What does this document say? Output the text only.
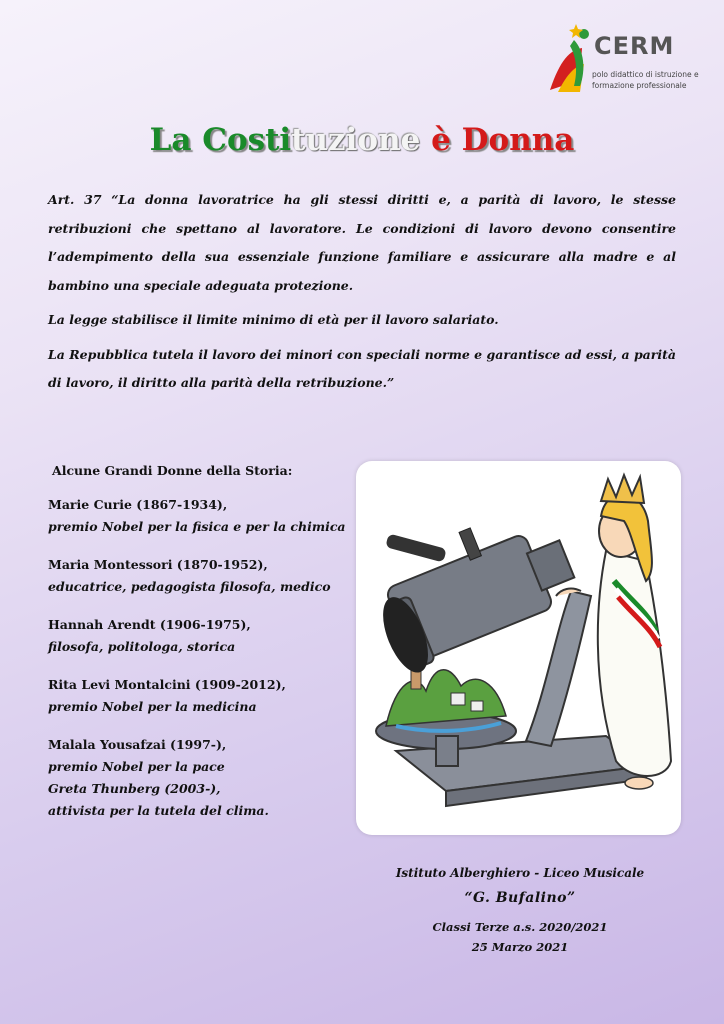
CERM
polo didattico di istruzione e formazione professionale
La Costituzione è Donna

Art. 37 “La donna lavoratrice ha gli stessi diritti e, a parità di lavoro, le stesse retribuzioni che spettano al lavoratore. Le condizioni di lavoro devono consentire l’adempimento della sua essenziale funzione familiare e assicurare alla madre e al bambino una speciale adeguata protezione.

La legge stabilisce il limite minimo di età per il lavoro salariato.

La Repubblica tutela il lavoro dei minori con speciali norme e garantisce ad essi, a parità di lavoro, il diritto alla parità della retribuzione.”

Alcune Grandi Donne della Storia:
Marie Curie (1867-1934),
premio Nobel per la fisica e per la chimica
Maria Montessori (1870-1952),
educatrice, pedagogista filosofa, medico
Hannah Arendt (1906-1975),
filosofa, politologa, storica
Rita Levi Montalcini (1909-2012),
premio Nobel per la medicina
Malala Yousafzai (1997-),
premio Nobel per la pace
Greta Thunberg (2003-),
attivista per la tutela del clima.
Istituto Alberghiero - Liceo Musicale
“G. Bufalino”
Classi Terze a.s. 2020/2021
25 Marzo 2021
